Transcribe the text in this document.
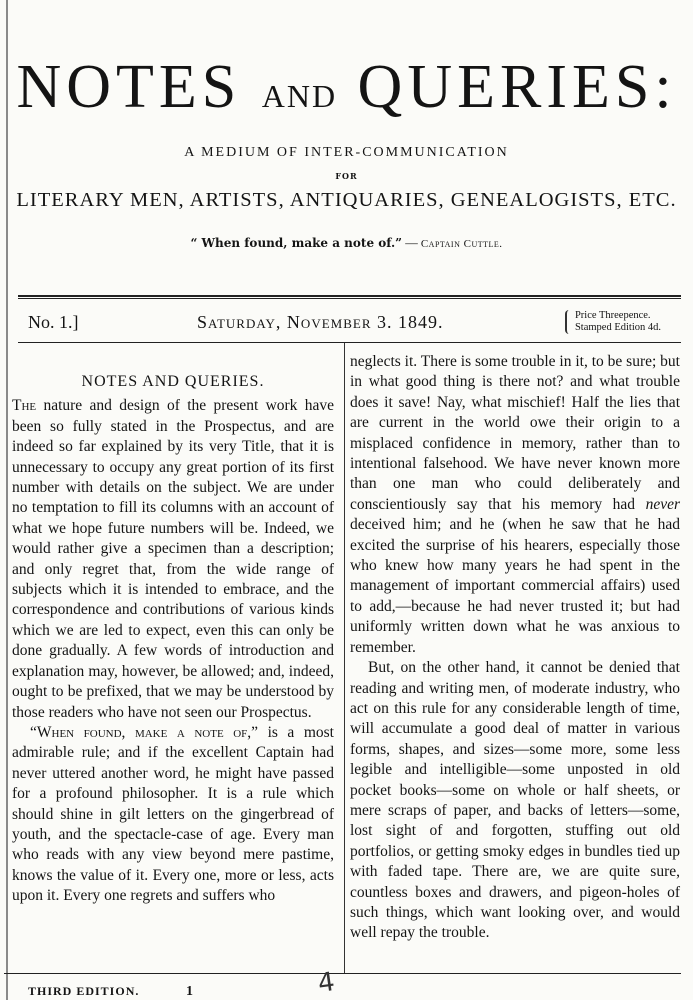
NOTES AND QUERIES:
A MEDIUM OF INTER-COMMUNICATION
FOR
LITERARY MEN, ARTISTS, ANTIQUARIES, GENEALOGISTS, ETC.
“ When found, make a note of.” — Captain Cuttle.
No. 1.]	Saturday, November 3. 1849.	Price Threepence.
Stamped Edition 4d.
NOTES AND QUERIES.

The nature and design of the present work have been so fully stated in the Prospectus, and are indeed so far explained by its very Title, that it is unnecessary to occupy any great portion of its first number with details on the subject. We are under no temptation to fill its columns with an account of what we hope future numbers will be. Indeed, we would rather give a specimen than a description; and only regret that, from the wide range of subjects which it is intended to embrace, and the correspondence and contributions of various kinds which we are led to expect, even this can only be done gradually. A few words of introduction and explanation may, however, be allowed; and, indeed, ought to be prefixed, that we may be understood by those readers who have not seen our Prospectus.

“When found, make a note of,” is a most admirable rule; and if the excellent Captain had never uttered another word, he might have passed for a profound philosopher. It is a rule which should shine in gilt letters on the gingerbread of youth, and the spectacle-case of age. Every man who reads with any view beyond mere pastime, knows the value of it. Every one, more or less, acts upon it. Every one regrets and suffers who

neglects it. There is some trouble in it, to be sure; but in what good thing is there not? and what trouble does it save! Nay, what mischief! Half the lies that are current in the world owe their origin to a misplaced confidence in memory, rather than to intentional falsehood. We have never known more than one man who could deliberately and conscientiously say that his memory had never deceived him; and he (when he saw that he had excited the surprise of his hearers, especially those who knew how many years he had spent in the management of important commercial affairs) used to add,—because he had never trusted it; but had uniformly written down what he was anxious to remember.

But, on the other hand, it cannot be denied that reading and writing men, of moderate industry, who act on this rule for any considerable length of time, will accumulate a good deal of matter in various forms, shapes, and sizes—some more, some less legible and intelligible—some unposted in old pocket books—some on whole or half sheets, or mere scraps of paper, and backs of letters—some, lost sight of and forgotten, stuffing out old portfolios, or getting smoky edges in bundles tied up with faded tape. There are, we are quite sure, countless boxes and drawers, and pigeon-holes of such things, which want looking over, and would well repay the trouble.

THIRD EDITION.	1	4
